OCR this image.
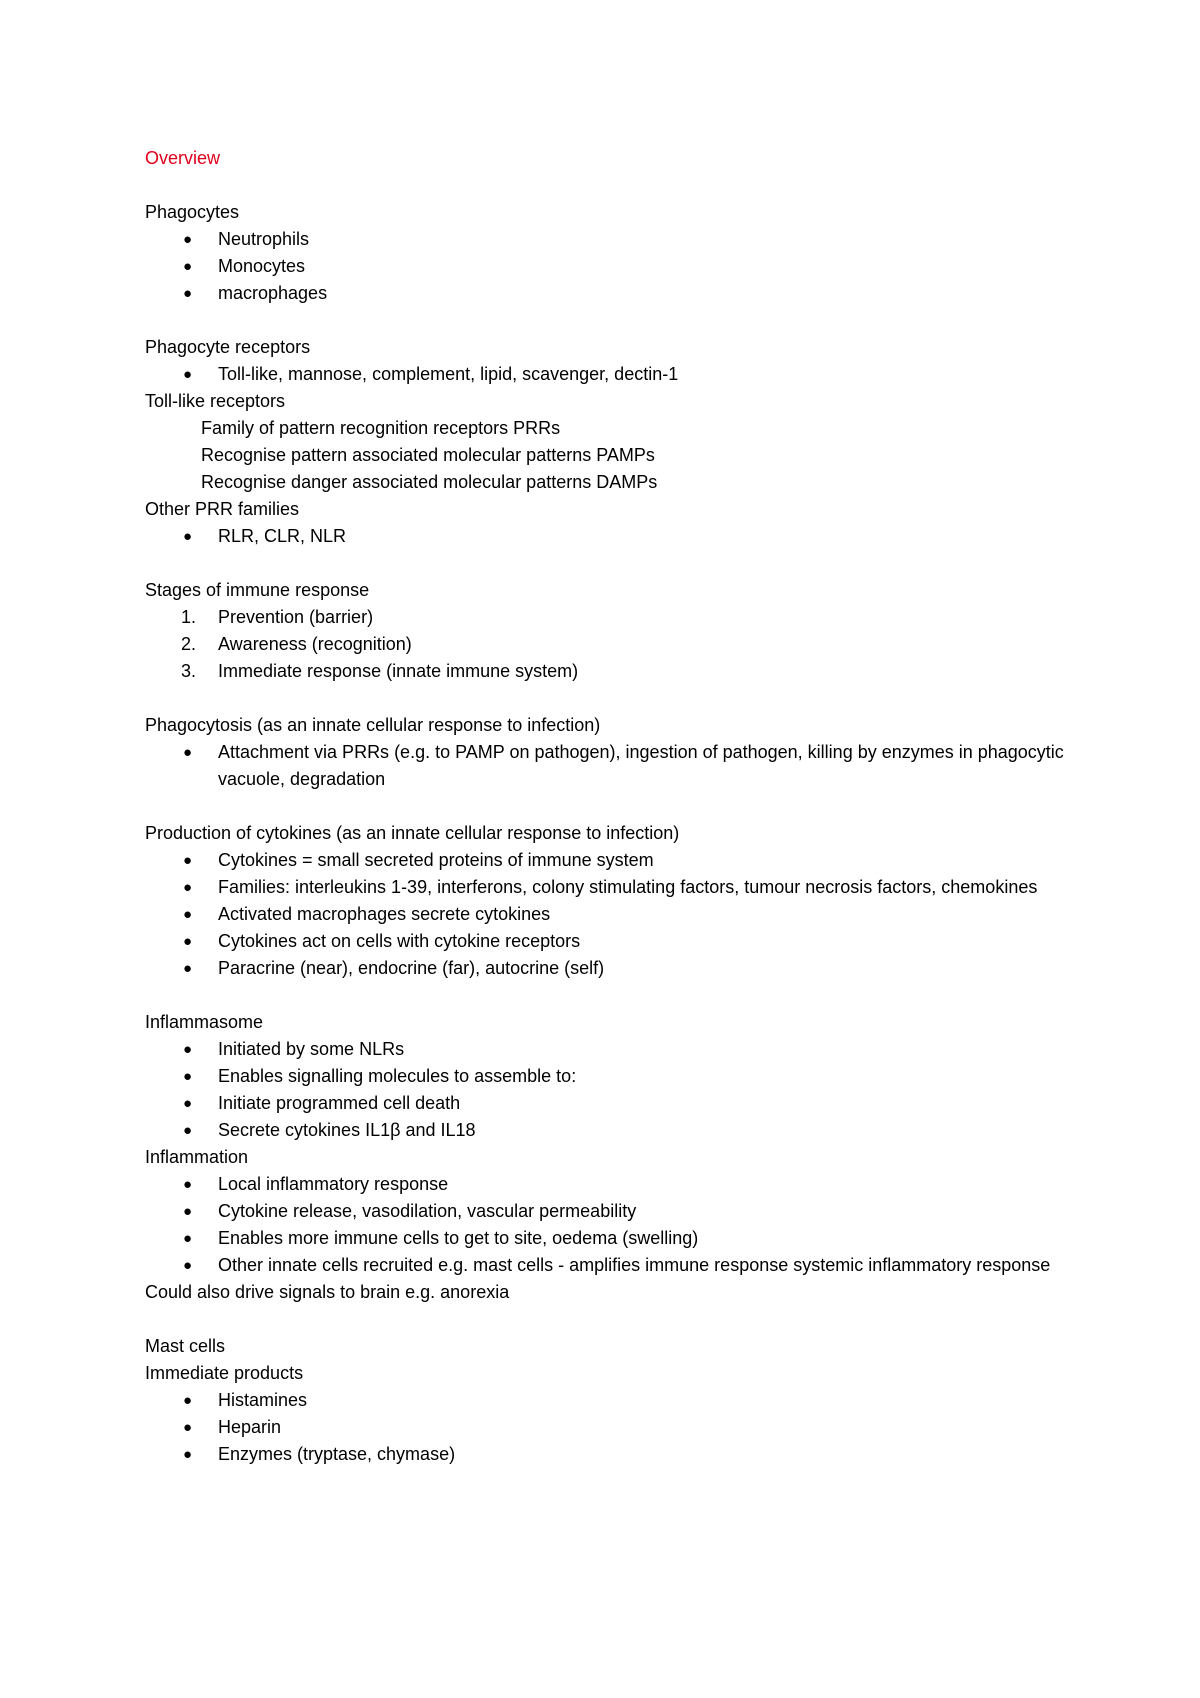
Overview

Phagocytes

●	Neutrophils
●	Monocytes
●	macrophages

Phagocyte receptors

●	Toll-like, mannose, complement, lipid, scavenger, dectin-1

Toll-like receptors

Family of pattern recognition receptors PRRs

Recognise pattern associated molecular patterns PAMPs

Recognise danger associated molecular patterns DAMPs

Other PRR families

●	RLR, CLR, NLR

Stages of immune response

1.	Prevention (barrier)
2.	Awareness (recognition)
3.	Immediate response (innate immune system)

Phagocytosis (as an innate cellular response to infection)

●	Attachment via PRRs (e.g. to PAMP on pathogen), ingestion of pathogen, killing by enzymes in phagocytic vacuole, degradation

Production of cytokines (as an innate cellular response to infection)

●	Cytokines = small secreted proteins of immune system
●	Families: interleukins 1-39, interferons, colony stimulating factors, tumour necrosis factors, chemokines
●	Activated macrophages secrete cytokines
●	Cytokines act on cells with cytokine receptors
●	Paracrine (near), endocrine (far), autocrine (self)

Inflammasome

●	Initiated by some NLRs
●	Enables signalling molecules to assemble to:
●	Initiate programmed cell death
●	Secrete cytokines IL1β and IL18

Inflammation

●	Local inflammatory response
●	Cytokine release, vasodilation, vascular permeability
●	Enables more immune cells to get to site, oedema (swelling)
●	Other innate cells recruited e.g. mast cells - amplifies immune response systemic inflammatory response

Could also drive signals to brain e.g. anorexia

Mast cells

Immediate products

●	Histamines
●	Heparin
●	Enzymes (tryptase, chymase)
